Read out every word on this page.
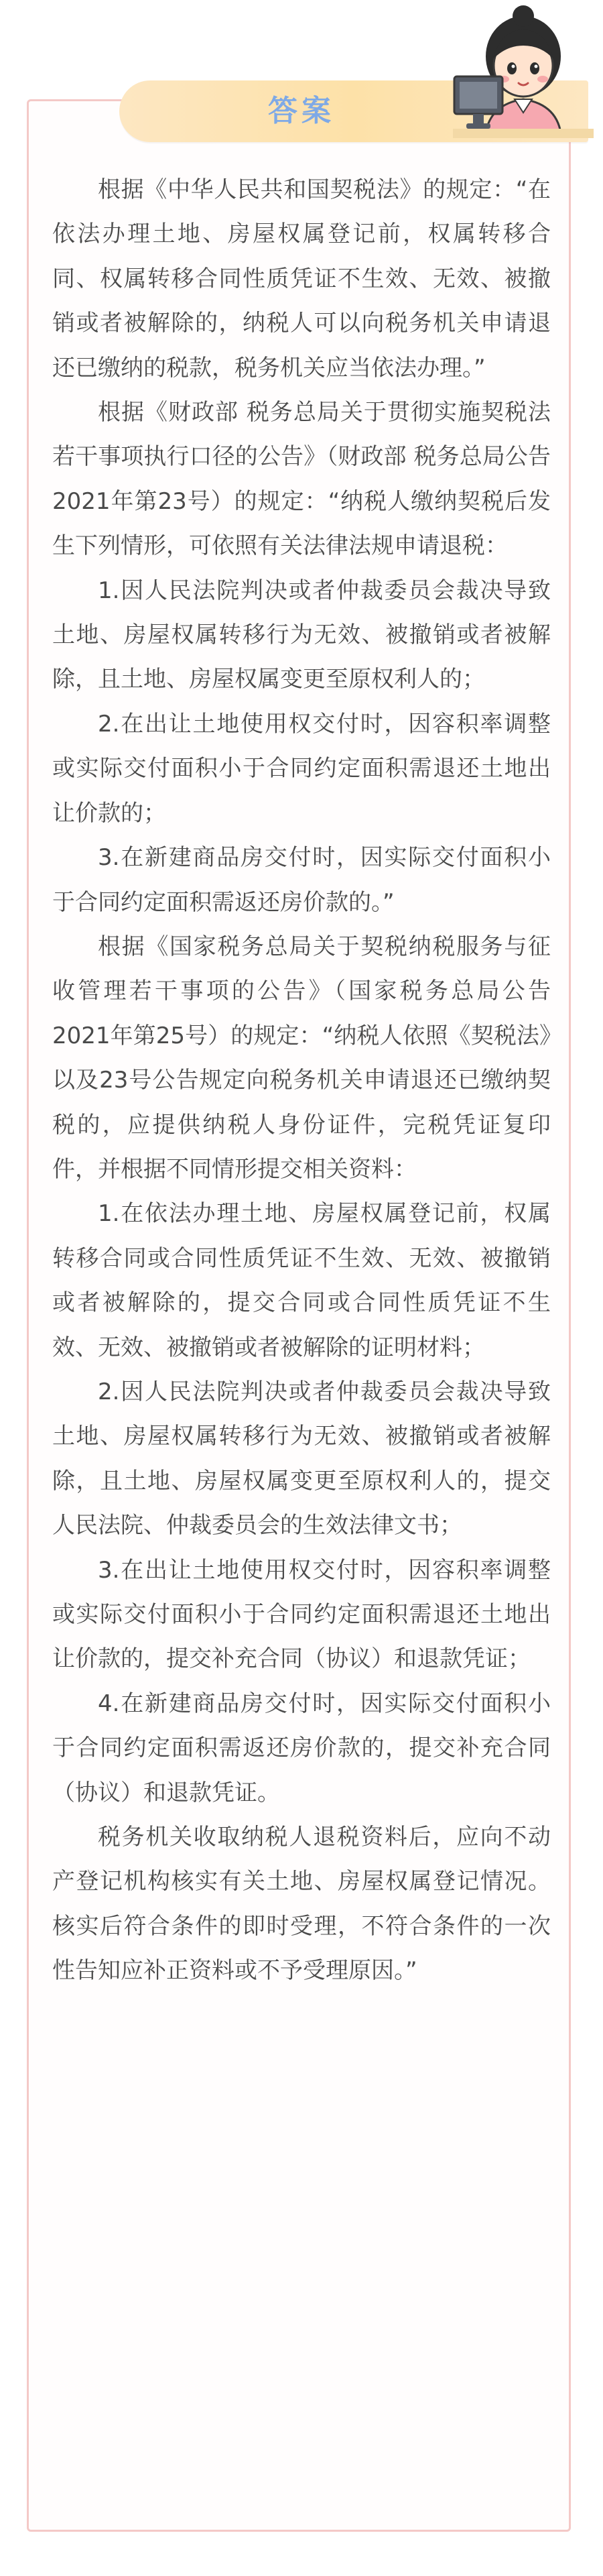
答案

根据《中华人民共和国契税法》的规定：“在依法办理土地、房屋权属登记前，权属转移合同、权属转移合同性质凭证不生效、无效、被撤销或者被解除的，纳税人可以向税务机关申请退还已缴纳的税款，税务机关应当依法办理。”

根据《财政部 税务总局关于贯彻实施契税法若干事项执行口径的公告》（财政部 税务总局公告2021年第23号）的规定：“纳税人缴纳契税后发生下列情形，可依照有关法律法规申请退税：

1.因人民法院判决或者仲裁委员会裁决导致土地、房屋权属转移行为无效、被撤销或者被解除，且土地、房屋权属变更至原权利人的；

2.在出让土地使用权交付时，因容积率调整或实际交付面积小于合同约定面积需退还土地出让价款的；

3.在新建商品房交付时，因实际交付面积小于合同约定面积需返还房价款的。”

根据《国家税务总局关于契税纳税服务与征收管理若干事项的公告》（国家税务总局公告2021年第25号）的规定：“纳税人依照《契税法》以及23号公告规定向税务机关申请退还已缴纳契税的，应提供纳税人身份证件，完税凭证复印件，并根据不同情形提交相关资料：

1.在依法办理土地、房屋权属登记前，权属转移合同或合同性质凭证不生效、无效、被撤销或者被解除的，提交合同或合同性质凭证不生效、无效、被撤销或者被解除的证明材料；

2.因人民法院判决或者仲裁委员会裁决导致土地、房屋权属转移行为无效、被撤销或者被解除，且土地、房屋权属变更至原权利人的，提交人民法院、仲裁委员会的生效法律文书；

3.在出让土地使用权交付时，因容积率调整或实际交付面积小于合同约定面积需退还土地出让价款的，提交补充合同（协议）和退款凭证；

4.在新建商品房交付时，因实际交付面积小于合同约定面积需返还房价款的，提交补充合同（协议）和退款凭证。

税务机关收取纳税人退税资料后，应向不动产登记机构核实有关土地、房屋权属登记情况。核实后符合条件的即时受理，不符合条件的一次性告知应补正资料或不予受理原因。”
